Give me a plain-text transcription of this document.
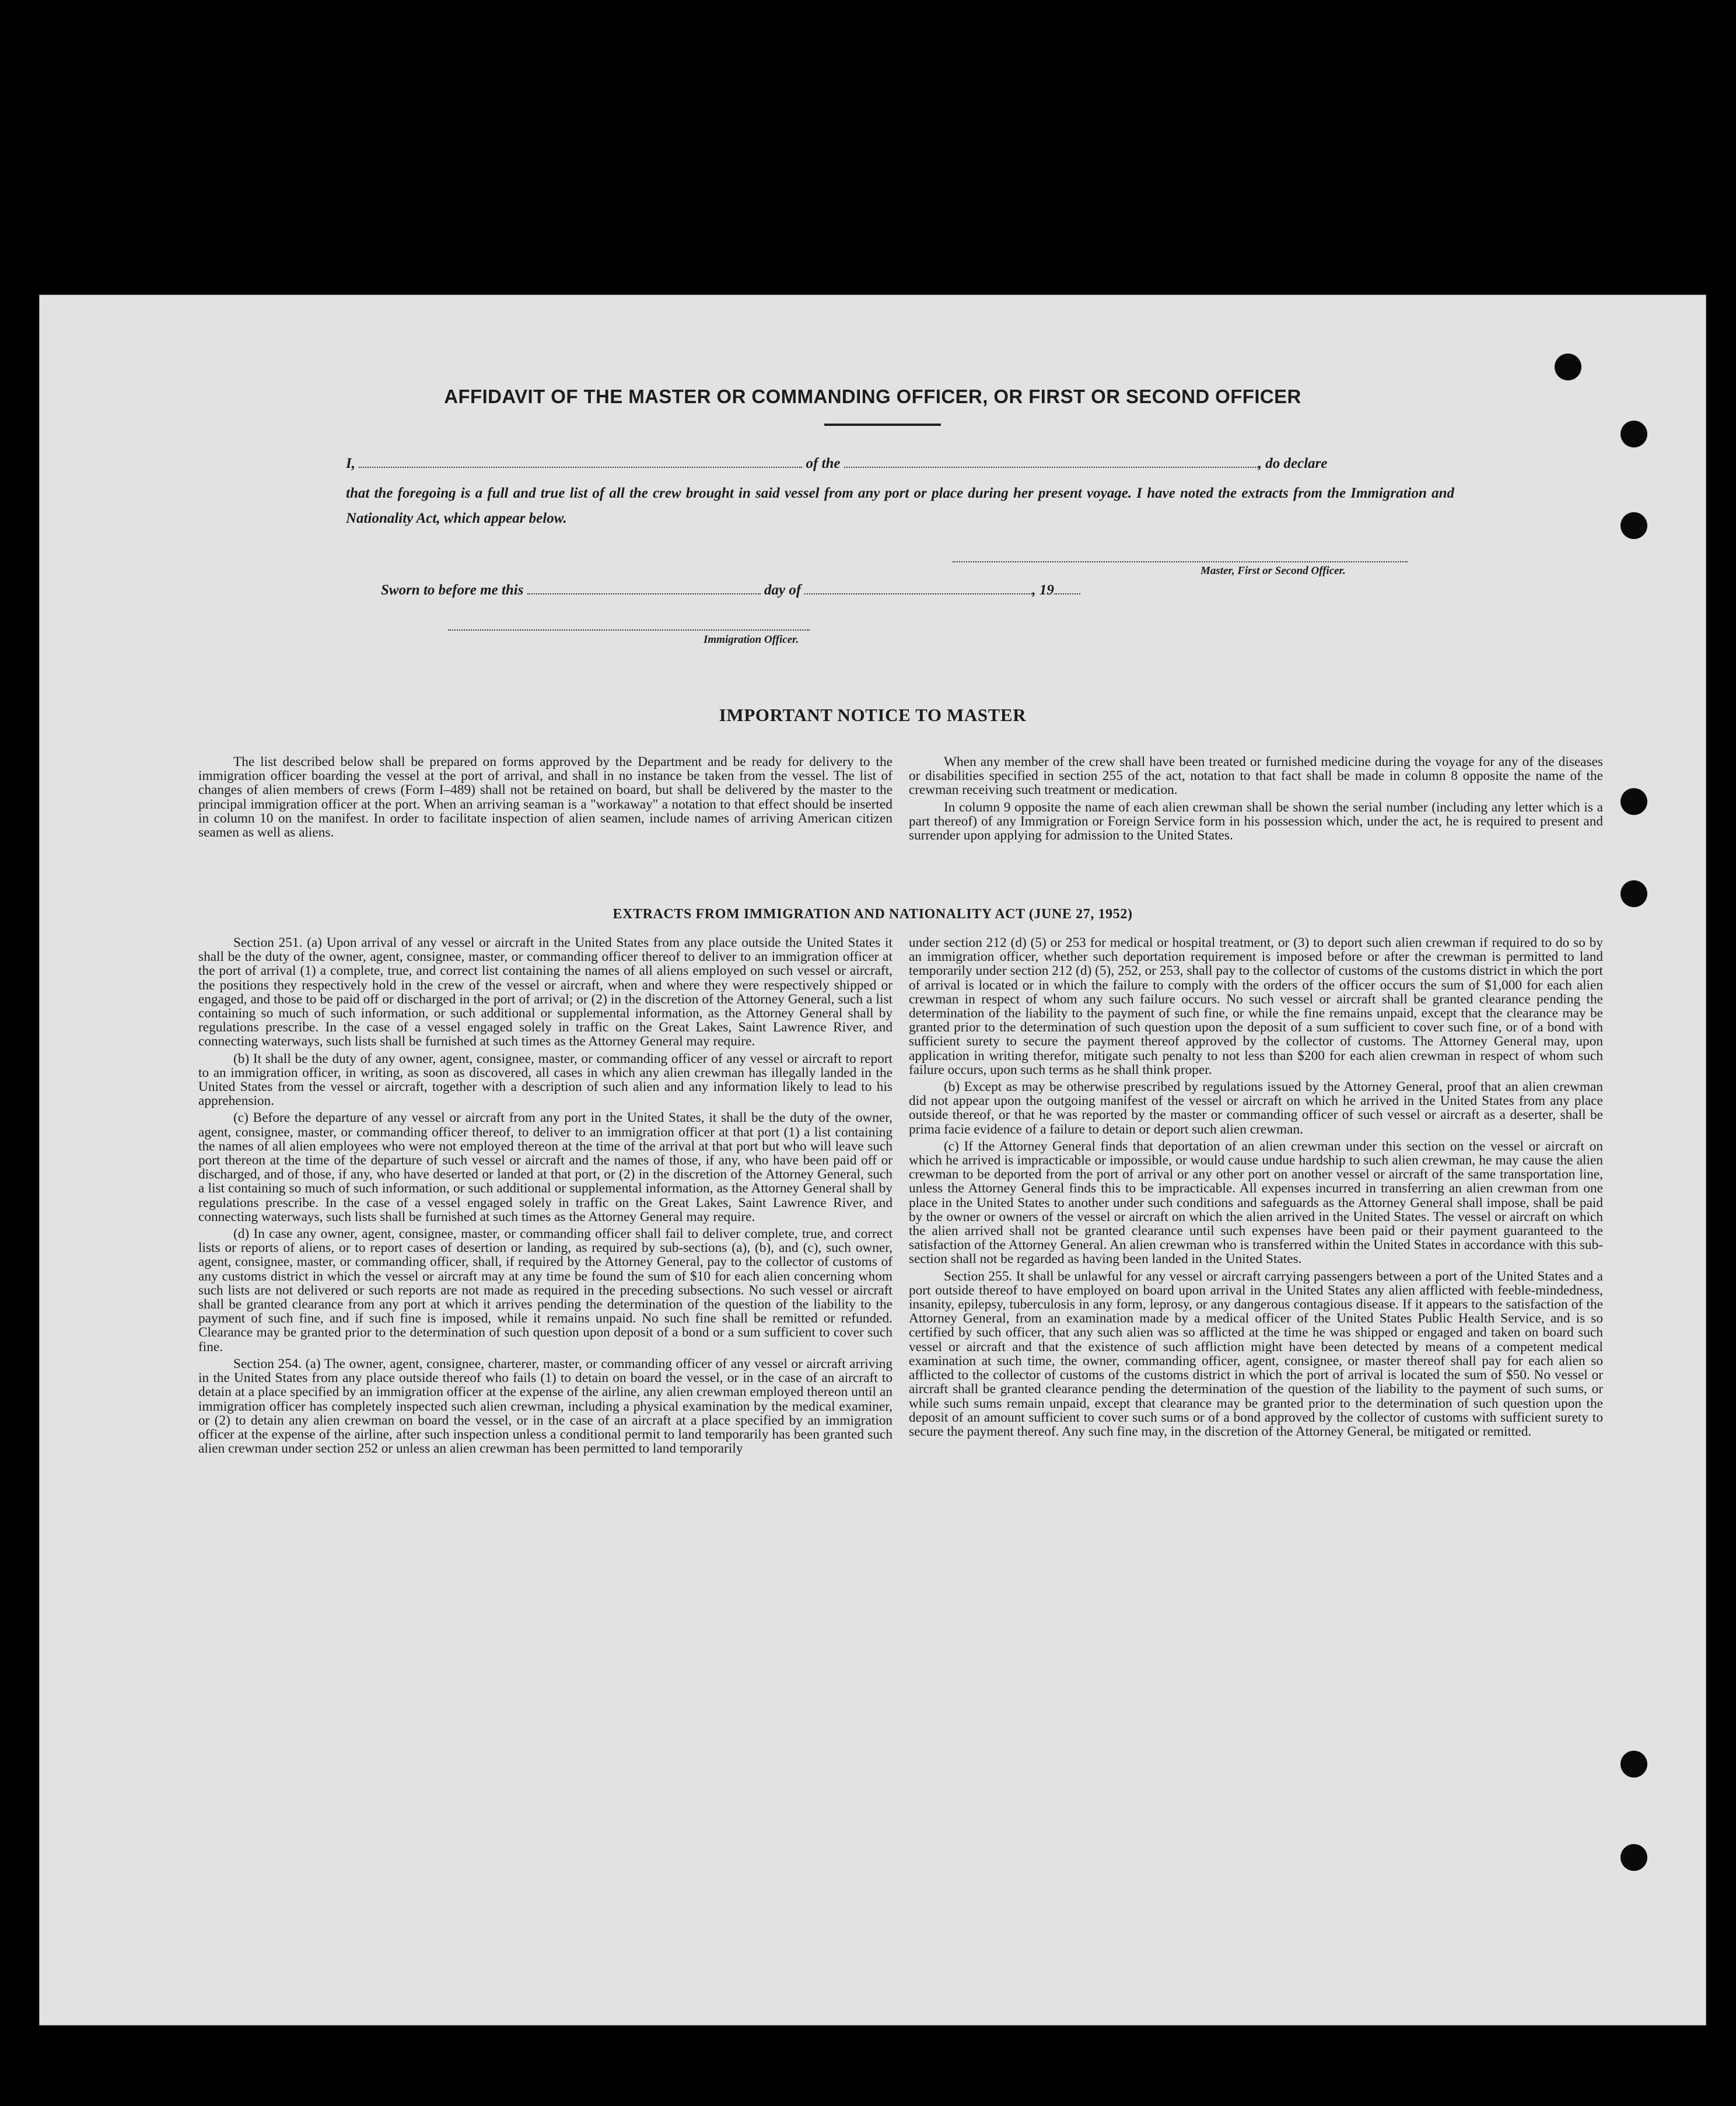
AFFIDAVIT OF THE MASTER OR COMMANDING OFFICER, OR FIRST OR SECOND OFFICER
I,	of the	, do declare
that the foregoing is a full and true list of all the crew brought in said vessel from any port or place during her present voyage. I have noted the extracts from the Immigration and Nationality Act, which appear below.
Master, First or Second Officer.
Sworn to before me this	day of	, 19
Immigration Officer.
IMPORTANT NOTICE TO MASTER

The list described below shall be prepared on forms approved by the Department and be ready for delivery to the immigration officer boarding the vessel at the port of arrival, and shall in no instance be taken from the vessel. The list of changes of alien members of crews (Form I–489) shall not be retained on board, but shall be delivered by the master to the principal immigration officer at the port. When an arriving seaman is a "workaway" a notation to that effect should be inserted in column 10 on the manifest. In order to facilitate inspection of alien seamen, include names of arriving American citizen seamen as well as aliens.

When any member of the crew shall have been treated or furnished medicine during the voyage for any of the diseases or disabilities specified in section 255 of the act, notation to that fact shall be made in column 8 opposite the name of the crewman receiving such treatment or medication.

In column 9 opposite the name of each alien crewman shall be shown the serial number (including any letter which is a part thereof) of any Immigration or Foreign Service form in his possession which, under the act, he is required to present and surrender upon applying for admission to the United States.

EXTRACTS FROM IMMIGRATION AND NATIONALITY ACT (JUNE 27, 1952)

Section 251. (a) Upon arrival of any vessel or aircraft in the United States from any place outside the United States it shall be the duty of the owner, agent, consignee, master, or commanding officer thereof to deliver to an immigration officer at the port of arrival (1) a complete, true, and correct list containing the names of all aliens employed on such vessel or aircraft, the positions they respectively hold in the crew of the vessel or aircraft, when and where they were respectively shipped or engaged, and those to be paid off or discharged in the port of arrival; or (2) in the discretion of the Attorney General, such a list containing so much of such information, or such additional or supplemental information, as the Attorney General shall by regulations prescribe. In the case of a vessel engaged solely in traffic on the Great Lakes, Saint Lawrence River, and connecting waterways, such lists shall be furnished at such times as the Attorney General may require.

(b) It shall be the duty of any owner, agent, consignee, master, or commanding officer of any vessel or aircraft to report to an immigration officer, in writing, as soon as discovered, all cases in which any alien crewman has illegally landed in the United States from the vessel or aircraft, together with a description of such alien and any information likely to lead to his apprehension.

(c) Before the departure of any vessel or aircraft from any port in the United States, it shall be the duty of the owner, agent, consignee, master, or commanding officer thereof, to deliver to an immigration officer at that port (1) a list containing the names of all alien employees who were not employed thereon at the time of the arrival at that port but who will leave such port thereon at the time of the departure of such vessel or aircraft and the names of those, if any, who have been paid off or discharged, and of those, if any, who have deserted or landed at that port, or (2) in the discretion of the Attorney General, such a list containing so much of such information, or such additional or supplemental information, as the Attorney General shall by regulations prescribe. In the case of a vessel engaged solely in traffic on the Great Lakes, Saint Lawrence River, and connecting waterways, such lists shall be furnished at such times as the Attorney General may require.

(d) In case any owner, agent, consignee, master, or commanding officer shall fail to deliver complete, true, and correct lists or reports of aliens, or to report cases of desertion or landing, as required by sub-sections (a), (b), and (c), such owner, agent, consignee, master, or commanding officer, shall, if required by the Attorney General, pay to the collector of customs of any customs district in which the vessel or aircraft may at any time be found the sum of $10 for each alien concerning whom such lists are not delivered or such reports are not made as required in the preceding subsections. No such vessel or aircraft shall be granted clearance from any port at which it arrives pending the determination of the question of the liability to the payment of such fine, and if such fine is imposed, while it remains unpaid. No such fine shall be remitted or refunded. Clearance may be granted prior to the determination of such question upon deposit of a bond or a sum sufficient to cover such fine.

Section 254. (a) The owner, agent, consignee, charterer, master, or commanding officer of any vessel or aircraft arriving in the United States from any place outside thereof who fails (1) to detain on board the vessel, or in the case of an aircraft to detain at a place specified by an immigration officer at the expense of the airline, any alien crewman employed thereon until an immigration officer has completely inspected such alien crewman, including a physical examination by the medical examiner, or (2) to detain any alien crewman on board the vessel, or in the case of an aircraft at a place specified by an immigration officer at the expense of the airline, after such inspection unless a conditional permit to land temporarily has been granted such alien crewman under section 252 or unless an alien crewman has been permitted to land temporarily

under section 212 (d) (5) or 253 for medical or hospital treatment, or (3) to deport such alien crewman if required to do so by an immigration officer, whether such deportation requirement is imposed before or after the crewman is permitted to land temporarily under section 212 (d) (5), 252, or 253, shall pay to the collector of customs of the customs district in which the port of arrival is located or in which the failure to comply with the orders of the officer occurs the sum of $1,000 for each alien crewman in respect of whom any such failure occurs. No such vessel or aircraft shall be granted clearance pending the determination of the liability to the payment of such fine, or while the fine remains unpaid, except that the clearance may be granted prior to the determination of such question upon the deposit of a sum sufficient to cover such fine, or of a bond with sufficient surety to secure the payment thereof approved by the collector of customs. The Attorney General may, upon application in writing therefor, mitigate such penalty to not less than $200 for each alien crewman in respect of whom such failure occurs, upon such terms as he shall think proper.

(b) Except as may be otherwise prescribed by regulations issued by the Attorney General, proof that an alien crewman did not appear upon the outgoing manifest of the vessel or aircraft on which he arrived in the United States from any place outside thereof, or that he was reported by the master or commanding officer of such vessel or aircraft as a deserter, shall be prima facie evidence of a failure to detain or deport such alien crewman.

(c) If the Attorney General finds that deportation of an alien crewman under this section on the vessel or aircraft on which he arrived is impracticable or impossible, or would cause undue hardship to such alien crewman, he may cause the alien crewman to be deported from the port of arrival or any other port on another vessel or aircraft of the same transportation line, unless the Attorney General finds this to be impracticable. All expenses incurred in transferring an alien crewman from one place in the United States to another under such conditions and safeguards as the Attorney General shall impose, shall be paid by the owner or owners of the vessel or aircraft on which the alien arrived in the United States. The vessel or aircraft on which the alien arrived shall not be granted clearance until such expenses have been paid or their payment guaranteed to the satisfaction of the Attorney General. An alien crewman who is transferred within the United States in accordance with this sub-section shall not be regarded as having been landed in the United States.

Section 255. It shall be unlawful for any vessel or aircraft carrying passengers between a port of the United States and a port outside thereof to have employed on board upon arrival in the United States any alien afflicted with feeble-mindedness, insanity, epilepsy, tuberculosis in any form, leprosy, or any dangerous contagious disease. If it appears to the satisfaction of the Attorney General, from an examination made by a medical officer of the United States Public Health Service, and is so certified by such officer, that any such alien was so afflicted at the time he was shipped or engaged and taken on board such vessel or aircraft and that the existence of such affliction might have been detected by means of a competent medical examination at such time, the owner, commanding officer, agent, consignee, or master thereof shall pay for each alien so afflicted to the collector of customs of the customs district in which the port of arrival is located the sum of $50. No vessel or aircraft shall be granted clearance pending the determination of the question of the liability to the payment of such sums, or while such sums remain unpaid, except that clearance may be granted prior to the determination of such question upon the deposit of an amount sufficient to cover such sums or of a bond approved by the collector of customs with sufficient surety to secure the payment thereof. Any such fine may, in the discretion of the Attorney General, be mitigated or remitted.
